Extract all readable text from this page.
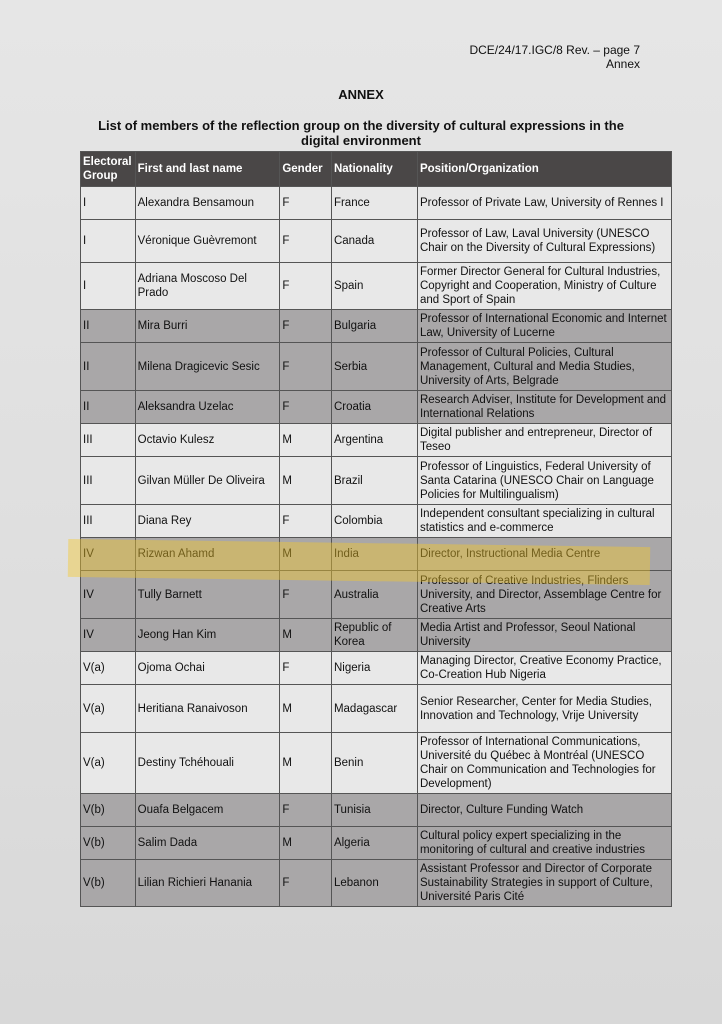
DCE/24/17.IGC/8 Rev. – page 7
Annex
ANNEX
List of members of the reflection group on the diversity of cultural expressions in the digital environment
Electoral Group	First and last name	Gender	Nationality	Position/Organization
I	Alexandra Bensamoun	F	France	Professor of Private Law, University of Rennes I
I	Véronique Guèvremont	F	Canada	Professor of Law, Laval University (UNESCO Chair on the Diversity of Cultural Expressions)
I	Adriana Moscoso Del Prado	F	Spain	Former Director General for Cultural Industries, Copyright and Cooperation, Ministry of Culture and Sport of Spain
II	Mira Burri	F	Bulgaria	Professor of International Economic and Internet Law, University of Lucerne
II	Milena Dragicevic Sesic	F	Serbia	Professor of Cultural Policies, Cultural Management, Cultural and Media Studies, University of Arts, Belgrade
II	Aleksandra Uzelac	F	Croatia	Research Adviser, Institute for Development and International Relations
III	Octavio Kulesz	M	Argentina	Digital publisher and entrepreneur, Director of Teseo
III	Gilvan Müller De Oliveira	M	Brazil	Professor of Linguistics, Federal University of Santa Catarina (UNESCO Chair on Language Policies for Multilingualism)
III	Diana Rey	F	Colombia	Independent consultant specializing in cultural statistics and e-commerce
IV	Rizwan Ahamd	M	India	Director, Instructional Media Centre
IV	Tully Barnett	F	Australia	Professor of Creative Industries, Flinders University, and Director, Assemblage Centre for Creative Arts
IV	Jeong Han Kim	M	Republic of Korea	Media Artist and Professor, Seoul National University
V(a)	Ojoma Ochai	F	Nigeria	Managing Director, Creative Economy Practice, Co-Creation Hub Nigeria
V(a)	Heritiana Ranaivoson	M	Madagascar	Senior Researcher, Center for Media Studies, Innovation and Technology, Vrije University
V(a)	Destiny Tchéhouali	M	Benin	Professor of International Communications, Université du Québec à Montréal (UNESCO Chair on Communication and Technologies for Development)
V(b)	Ouafa Belgacem	F	Tunisia	Director, Culture Funding Watch
V(b)	Salim Dada	M	Algeria	Cultural policy expert specializing in the monitoring of cultural and creative industries
V(b)	Lilian Richieri Hanania	F	Lebanon	Assistant Professor and Director of Corporate Sustainability Strategies in support of Culture, Université Paris Cité
